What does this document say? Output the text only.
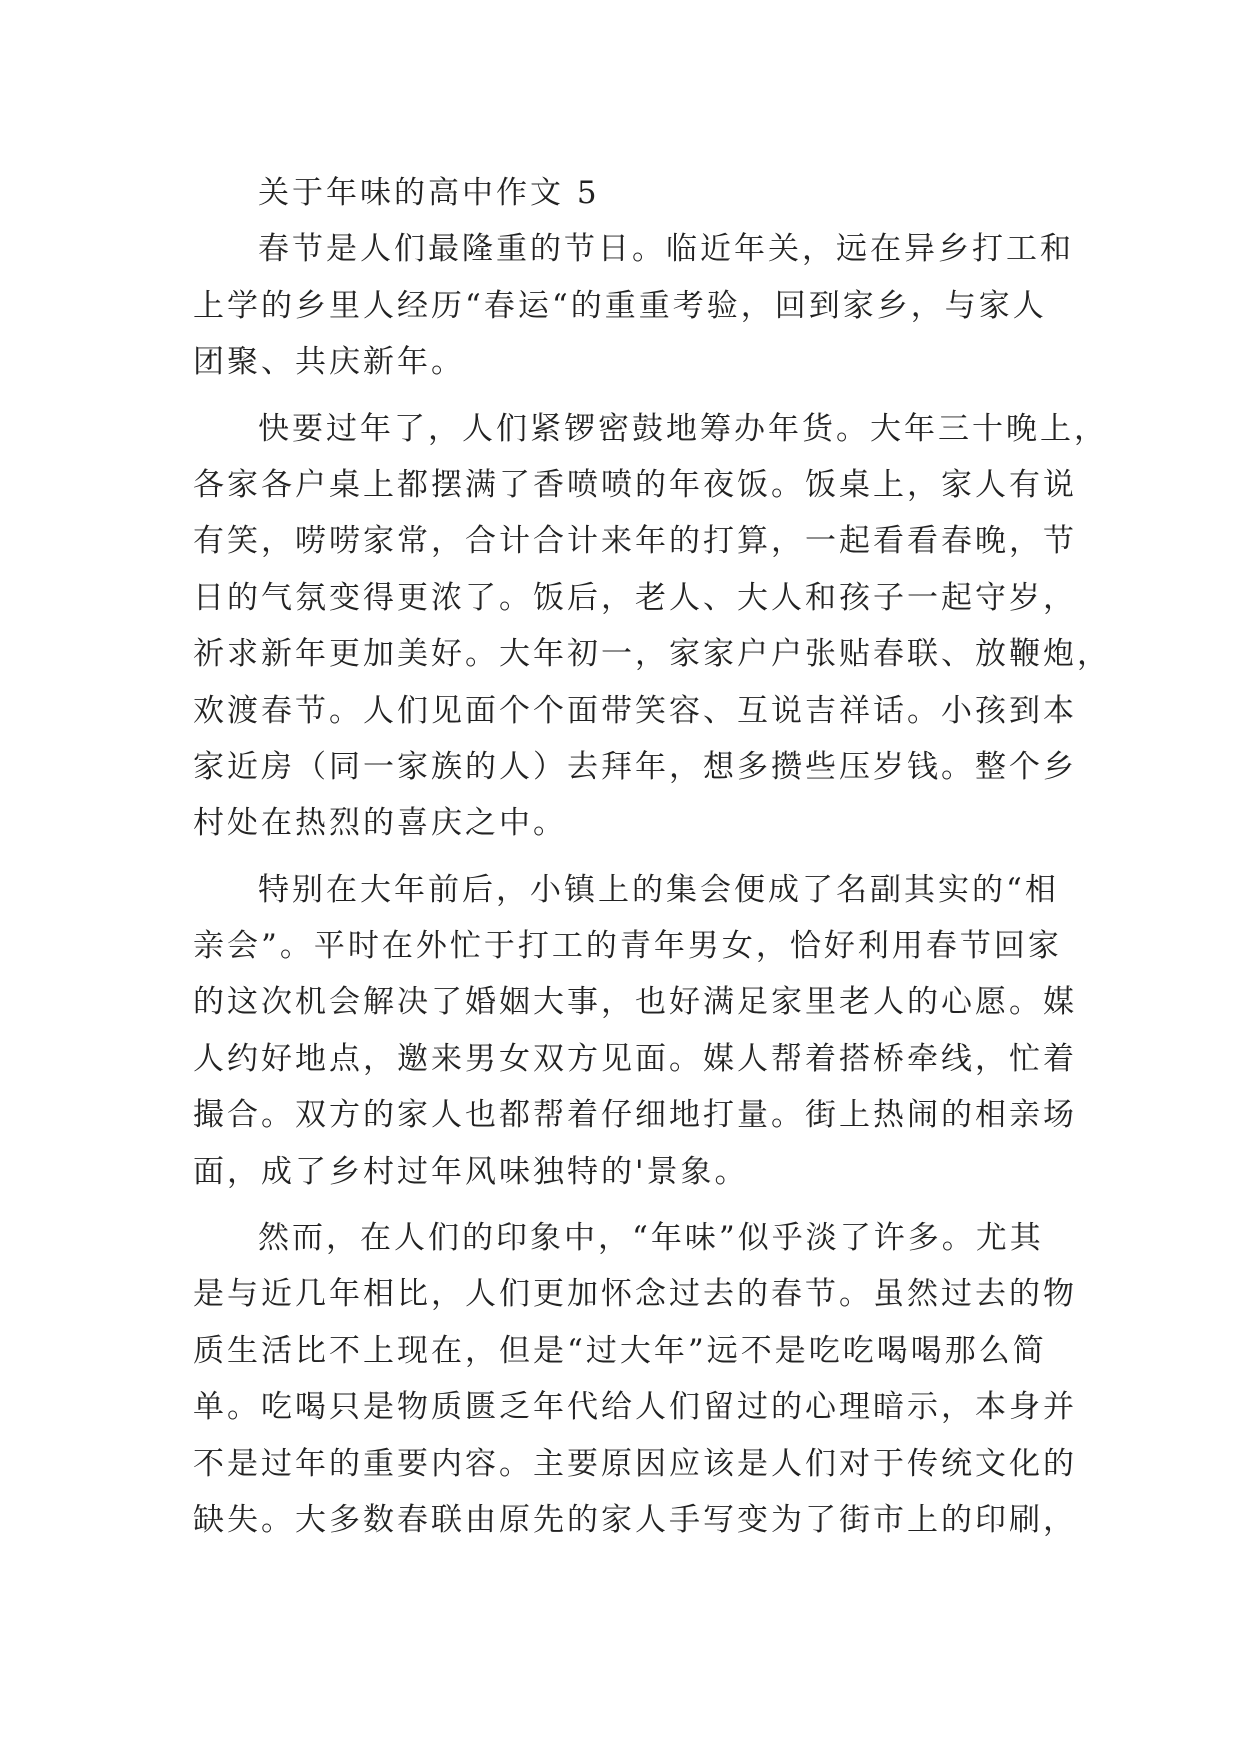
关于年味的高中作文 5
春节是人们最隆重的节日。临近年关，远在异乡打工和
上学的乡里人经历“春运“的重重考验，回到家乡，与家人
团聚、共庆新年。
快要过年了，人们紧锣密鼓地筹办年货。大年三十晚上，
各家各户桌上都摆满了香喷喷的年夜饭。饭桌上，家人有说
有笑，唠唠家常，合计合计来年的打算，一起看看春晚，节
日的气氛变得更浓了。饭后，老人、大人和孩子一起守岁，
祈求新年更加美好。大年初一，家家户户张贴春联、放鞭炮，
欢渡春节。人们见面个个面带笑容、互说吉祥话。小孩到本
家近房（同一家族的人）去拜年，想多攒些压岁钱。整个乡
村处在热烈的喜庆之中。
特别在大年前后，小镇上的集会便成了名副其实的“相
亲会”。平时在外忙于打工的青年男女，恰好利用春节回家
的这次机会解决了婚姻大事，也好满足家里老人的心愿。媒
人约好地点，邀来男女双方见面。媒人帮着搭桥牵线，忙着
撮合。双方的家人也都帮着仔细地打量。街上热闹的相亲场
面，成了乡村过年风味独特的'景象。
然而，在人们的印象中，“年味”似乎淡了许多。尤其
是与近几年相比，人们更加怀念过去的春节。虽然过去的物
质生活比不上现在，但是“过大年”远不是吃吃喝喝那么简
单。吃喝只是物质匮乏年代给人们留过的心理暗示，本身并
不是过年的重要内容。主要原因应该是人们对于传统文化的
缺失。大多数春联由原先的家人手写变为了街市上的印刷，
